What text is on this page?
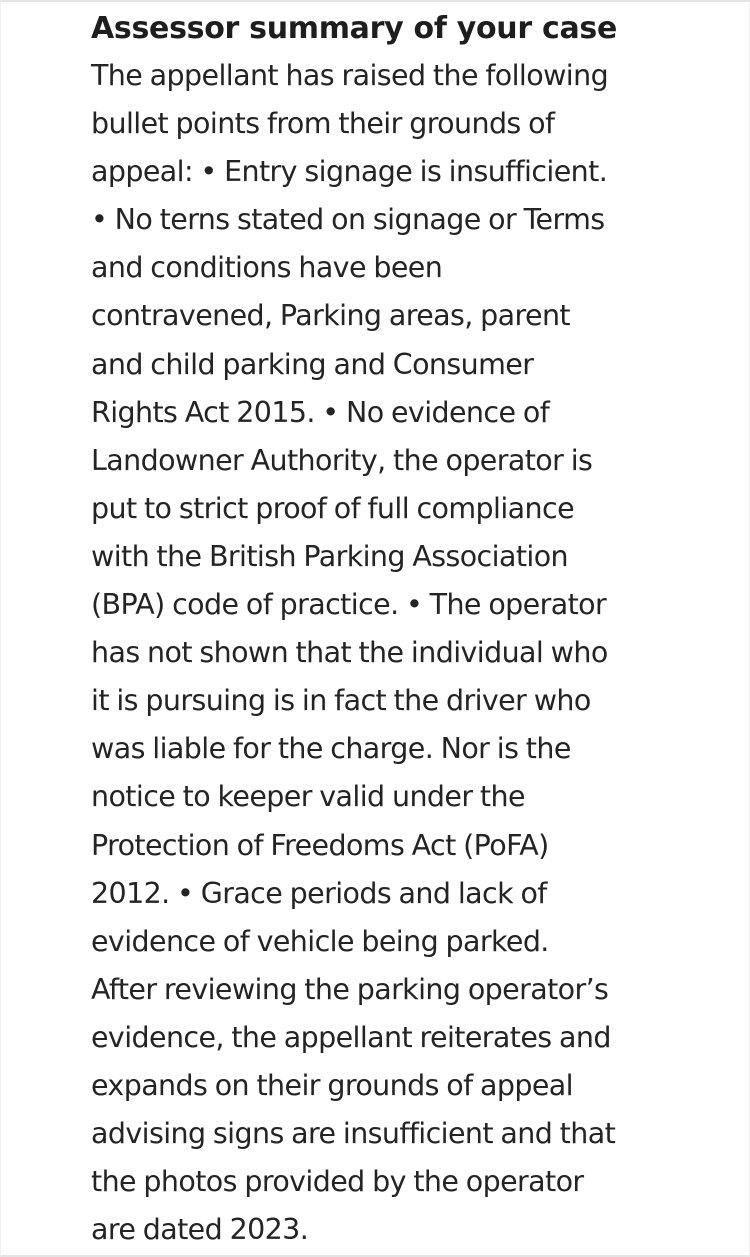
Assessor summary of your case
The appellant has raised the following
bullet points from their grounds of
appeal: • Entry signage is insufficient.
• No terns stated on signage or Terms
and conditions have been
contravened, Parking areas, parent
and child parking and Consumer
Rights Act 2015. • No evidence of
Landowner Authority, the operator is
put to strict proof of full compliance
with the British Parking Association
(BPA) code of practice. • The operator
has not shown that the individual who
it is pursuing is in fact the driver who
was liable for the charge. Nor is the
notice to keeper valid under the
Protection of Freedoms Act (PoFA)
2012. • Grace periods and lack of
evidence of vehicle being parked.
After reviewing the parking operator’s
evidence, the appellant reiterates and
expands on their grounds of appeal
advising signs are insufficient and that
the photos provided by the operator
are dated 2023.
